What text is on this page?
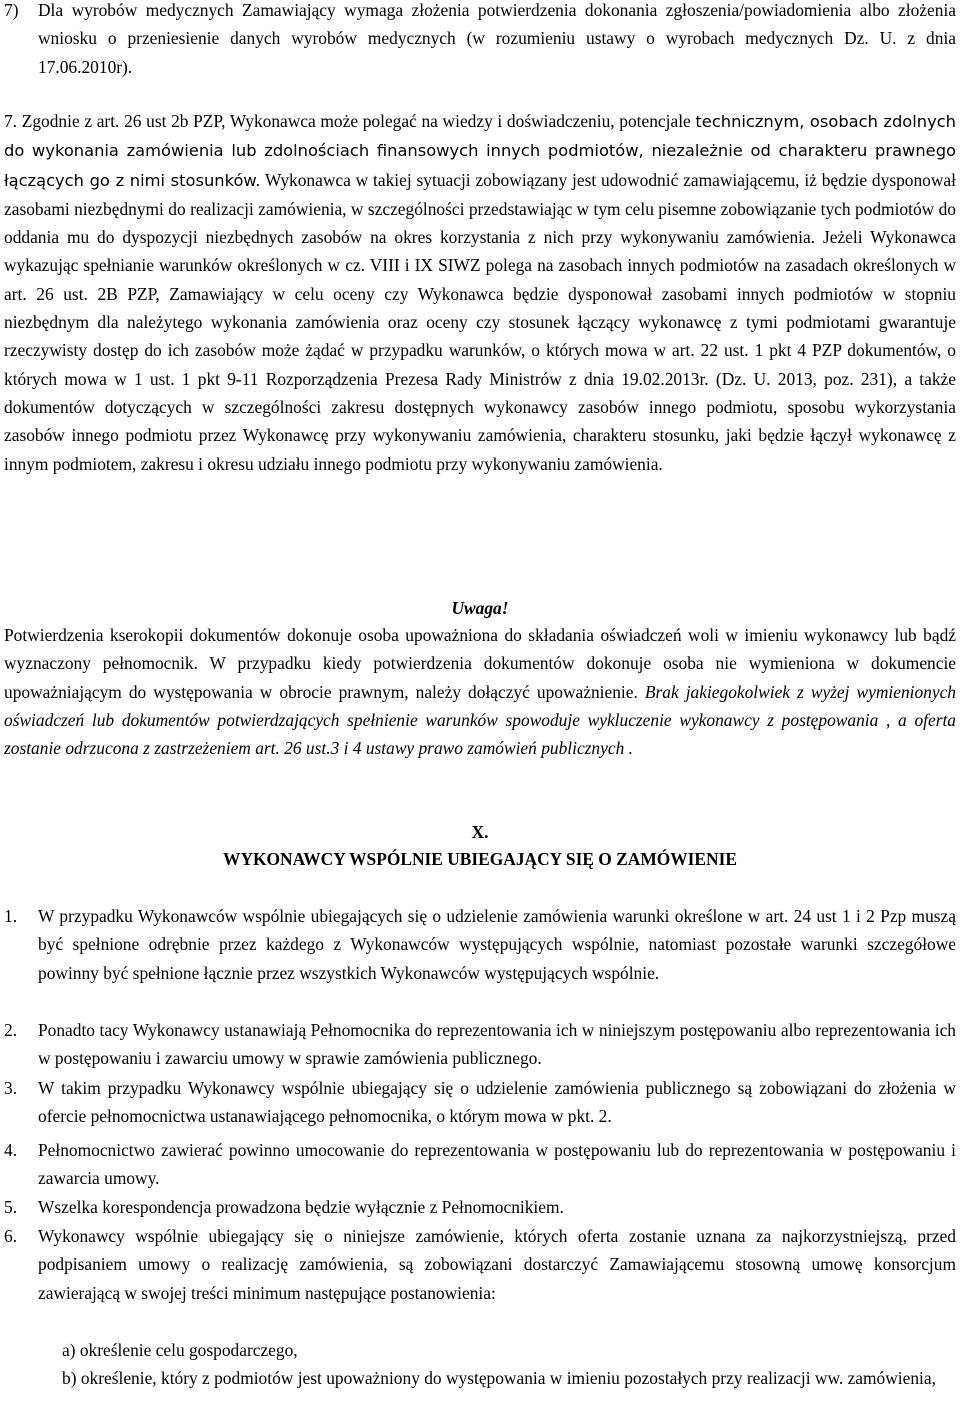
7) Dla wyrobów medycznych Zamawiający wymaga złożenia potwierdzenia dokonania zgłoszenia/powiadomienia albo złożenia wniosku o przeniesienie danych wyrobów medycznych (w rozumieniu ustawy o wyrobach medycznych Dz. U. z dnia 17.06.2010r).

7. Zgodnie z art. 26 ust 2b PZP, Wykonawca może polegać na wiedzy i doświadczeniu, potencjale technicznym, osobach zdolnych do wykonania zamówienia lub zdolnościach finansowych innych podmiotów, niezależnie od charakteru prawnego łączących go z nimi stosunków. Wykonawca w takiej sytuacji zobowiązany jest udowodnić zamawiającemu, iż będzie dysponował zasobami niezbędnymi do realizacji zamówienia, w szczególności przedstawiając w tym celu pisemne zobowiązanie tych podmiotów do oddania mu do dyspozycji niezbędnych zasobów na okres korzystania z nich przy wykonywaniu zamówienia. Jeżeli Wykonawca wykazując spełnianie warunków określonych w cz. VIII i IX SIWZ polega na zasobach innych podmiotów na zasadach określonych w art. 26 ust. 2B PZP, Zamawiający w celu oceny czy Wykonawca będzie dysponował zasobami innych podmiotów w stopniu niezbędnym dla należytego wykonania zamówienia oraz oceny czy stosunek łączący wykonawcę z tymi podmiotami gwarantuje rzeczywisty dostęp do ich zasobów może żądać w przypadku warunków, o których mowa w art. 22 ust. 1 pkt 4 PZP dokumentów, o których mowa w 1 ust. 1 pkt 9-11 Rozporządzenia Prezesa Rady Ministrów z dnia 19.02.2013r. (Dz. U. 2013, poz. 231), a także dokumentów dotyczących w szczególności zakresu dostępnych wykonawcy zasobów innego podmiotu, sposobu wykorzystania zasobów innego podmiotu przez Wykonawcę przy wykonywaniu zamówienia, charakteru stosunku, jaki będzie łączył wykonawcę z innym podmiotem, zakresu i okresu udziału innego podmiotu przy wykonywaniu zamówienia.

Uwaga!

Potwierdzenia kserokopii dokumentów dokonuje osoba upoważniona do składania oświadczeń woli w imieniu wykonawcy lub bądź wyznaczony pełnomocnik. W przypadku kiedy potwierdzenia dokumentów dokonuje osoba nie wymieniona w dokumencie upoważniającym do występowania w obrocie prawnym, należy dołączyć upoważnienie. Brak jakiegokolwiek z wyżej wymienionych oświadczeń lub dokumentów potwierdzających spełnienie warunków spowoduje wykluczenie wykonawcy z postępowania , a oferta zostanie odrzucona z zastrzeżeniem art. 26 ust.3 i 4 ustawy prawo zamówień publicznych .

X.

WYKONAWCY WSPÓLNIE UBIEGAJĄCY SIĘ O ZAMÓWIENIE

1. W przypadku Wykonawców wspólnie ubiegających się o udzielenie zamówienia warunki określone w art. 24 ust 1 i 2 Pzp muszą być spełnione odrębnie przez każdego z Wykonawców występujących wspólnie, natomiast pozostałe warunki szczegółowe powinny być spełnione łącznie przez wszystkich Wykonawców występujących wspólnie.

2. Ponadto tacy Wykonawcy ustanawiają Pełnomocnika do reprezentowania ich w niniejszym postępowaniu albo reprezentowania ich w postępowaniu i zawarciu umowy w sprawie zamówienia publicznego.

3. W takim przypadku Wykonawcy wspólnie ubiegający się o udzielenie zamówienia publicznego są zobowiązani do złożenia w ofercie pełnomocnictwa ustanawiającego pełnomocnika, o którym mowa w pkt. 2.

4. Pełnomocnictwo zawierać powinno umocowanie do reprezentowania w postępowaniu lub do reprezentowania w postępowaniu i zawarcia umowy.

5. Wszelka korespondencja prowadzona będzie wyłącznie z Pełnomocnikiem.

6. Wykonawcy wspólnie ubiegający się o niniejsze zamówienie, których oferta zostanie uznana za najkorzystniejszą, przed podpisaniem umowy o realizację zamówienia, są zobowiązani dostarczyć Zamawiającemu stosowną umowę konsorcjum zawierającą w swojej treści minimum następujące postanowienia:

a) określenie celu gospodarczego,

b) określenie, który z podmiotów jest upoważniony do występowania w imieniu pozostałych przy realizacji ww. zamówienia,
